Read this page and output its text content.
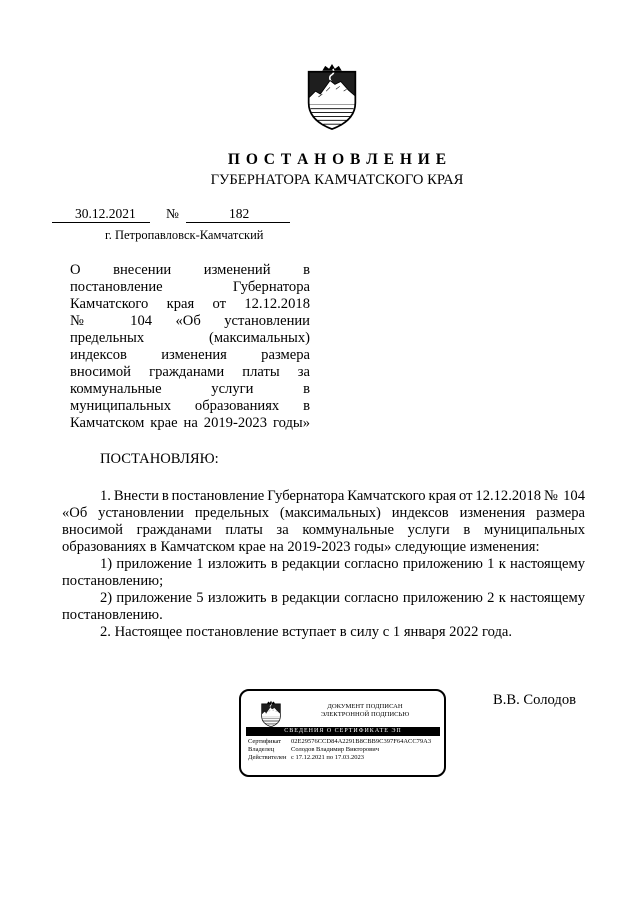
П О С Т А Н О В Л Е Н И Е
ГУБЕРНАТОРА КАМЧАТСКОГО КРАЯ
30.12.2021 №	182
г. Петропавловск-Камчатский
О внесении изменений в
постановление Губернатора
Камчатского края от 12.12.2018
№ 104 «Об установлении
предельных (максимальных)
индексов изменения размера
вносимой гражданами платы за
коммунальные услуги в
муниципальных образованиях в
Камчатском крае на 2019-2023 годы»
ПОСТАНОВЛЯЮ:
1. Внести в постановление Губернатора Камчатского края от 12.12.2018 № 104
«Об установлении предельных (максимальных) индексов изменения размера
вносимой гражданами платы за коммунальные услуги в муниципальных
образованиях в Камчатском крае на 2019-2023 годы» следующие изменения:
1) приложение 1 изложить в редакции согласно приложению 1 к настоящему
постановлению;
2) приложение 5 изложить в редакции согласно приложению 2 к настоящему
постановлению.
2. Настоящее постановление вступает в силу с 1 января 2022 года.
ДОКУМЕНТ ПОДПИСАН
ЭЛЕКТРОННОЙ ПОДПИСЬЮ
СВЕДЕНИЯ О СЕРТИФИКАТЕ ЭП
Сертификат 02E29576CCD84A2291B8CBB9C397F64ACC79A3
Владелец	Солодов Владимир Викторович
Действителен с 17.12.2021 по 17.03.2023
В.В. Солодов
